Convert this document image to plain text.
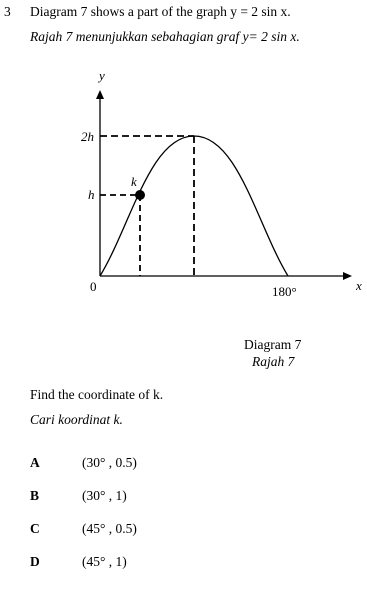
3 Diagram 7 shows a part of the graph y = 2 sin x.
Rajah 7 menunjukkan sebahagian graf y= 2 sin x.
y
x
0	180°
2h
h
k
Diagram 7
Rajah 7
Find the coordinate of k.
Cari koordinat k.
A	(30° , 0.5)
B	(30° , 1)
C	(45° , 0.5)
D	(45° , 1)
